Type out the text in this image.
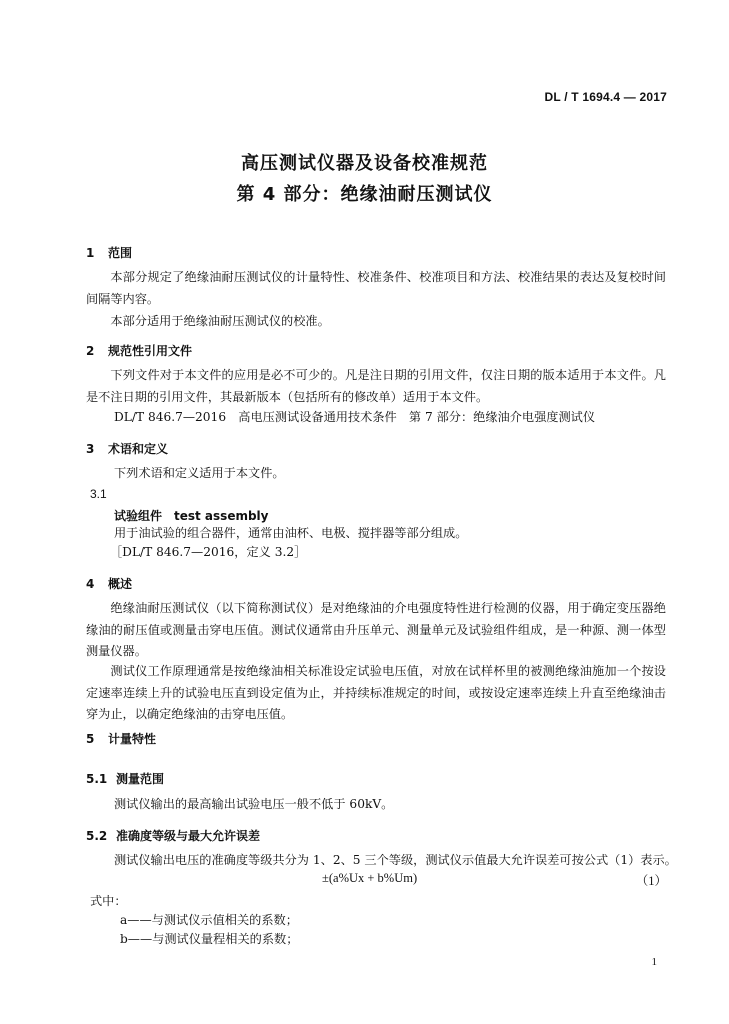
DL / T 1694.4 — 2017
高压测试仪器及设备校准规范
第 4 部分：绝缘油耐压测试仪
1 范围
本部分规定了绝缘油耐压测试仪的计量特性、校准条件、校准项目和方法、校准结果的表达及复校时间间隔等内容。
本部分适用于绝缘油耐压测试仪的校准。
2 规范性引用文件
下列文件对于本文件的应用是必不可少的。凡是注日期的引用文件，仅注日期的版本适用于本文件。凡是不注日期的引用文件，其最新版本（包括所有的修改单）适用于本文件。
DL/T 846.7—2016　高电压测试设备通用技术条件　第 7 部分：绝缘油介电强度测试仪
3 术语和定义
下列术语和定义适用于本文件。
3.1
试验组件　test assembly
用于油试验的组合器件，通常由油杯、电极、搅拌器等部分组成。
［DL/T 846.7—2016，定义 3.2］
4 概述
绝缘油耐压测试仪（以下简称测试仪）是对绝缘油的介电强度特性进行检测的仪器，用于确定变压器绝缘油的耐压值或测量击穿电压值。测试仪通常由升压单元、测量单元及试验组件组成，是一种源、测一体型测量仪器。
测试仪工作原理通常是按绝缘油相关标准设定试验电压值，对放在试样杯里的被测绝缘油施加一个按设定速率连续上升的试验电压直到设定值为止，并持续标准规定的时间，或按设定速率连续上升直至绝缘油击穿为止，以确定绝缘油的击穿电压值。
5 计量特性
5.1 测量范围
测试仪输出的最高输出试验电压一般不低于 60kV。
5.2 准确度等级与最大允许误差
测试仪输出电压的准确度等级共分为 1、2、5 三个等级，测试仪示值最大允许误差可按公式（1）表示。
±(a%Ux + b%Um)	（1）
式中：
a——与测试仪示值相关的系数；
b——与测试仪量程相关的系数；
1
